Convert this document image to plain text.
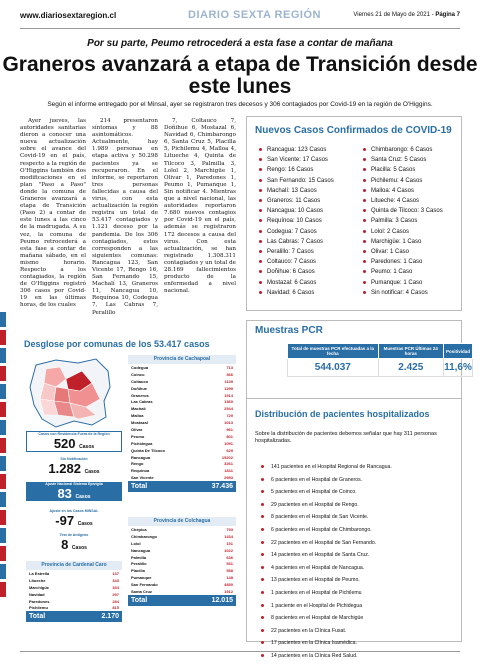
www.diariosextaregion.cl	DIARIO SEXTA REGIÓN	Viernes 21 de Mayo de 2021 - Página 7
Por su parte, Peumo retrocederá a esta fase a contar de mañana
Graneros avanzará a etapa de Transición desde este lunes
Según el informe entregado por el Minsal, ayer se registraron tres decesos y 306 contagiados por Covid-19 en la región de O'Higgins.

Ayer jueves, las autoridades sanitarias dieron a conocer una nueva actualización sobre el avance del Covid-19 en el país, respecto a la región de O'Higgins también dos modificaciones en el plan "Paso a Paso" donde la comuna de Graneros avanzará a etapa de Transición (Paso 2) a contar de este lunes a las cinco de la madrugada. A su vez, la comuna de Peumo retrocederá a esta fase a contar de mañana sábado, en el mismo horario. Respecto a los contagiados, la región de O'Higgins registró 306 casos por Covid-19 en las últimas horas, de los cuales

214 presentaron síntomas y 88 asintomáticos. Actualmente, hay 1.989 personas en etapa activa y 50.298 pacientes ya se recuperaron. En el informe, se reportaron tres personas fallecidas a causa del virus, con esta actualización la región registra un total de 53.417 contagiados y 1.121 deceso por la pandemia. De los 306 contagiados, estos corresponden a las siguientes comunas: Rancagua 123, San Vicente 17, Rengo 16, San Fernando 15, Machalí 13, Graneros 11, Nancagua 10, Requínoa 10, Codegua 7, Las Cabras 7, Peralillo

7, Coltauco 7, Doñihue 6, Mostazal 6, Navidad 6, Chimbarongo 6, Santa Cruz 5, Placilla 5, Pichilemu 4, Malloa 4, Litueche 4, Quinta de Tilcoco 3, Palmilla 3, Lolol 2, Marchigüe 1, Olivar 1, Paredones 1, Peumo 1, Pumanque 1, Sin notificar 4. Mientras que a nivel nacional, las autoridades reportaron 7.680 nuevos contagios por Covid-19 en el país, además se registraron 172 decesos a causa del virus. Con esta actualización, se han registrado 1.308.311 contagiados y un total de 28.169 fallecimientos producto de la enfermedad a nivel nacional.

Nuevos Casos Confirmados de COVID-19
Rancagua: 123 Casos
San Vicente: 17 Casos
Rengo: 16 Casos
San Fernando: 15 Casos
Machalí: 13 Casos
Graneros: 11 Casos
Nancagua: 10 Casos
Requínoa: 10 Casos
Codegua: 7 Casos
Las Cabras: 7 Casos
Peralillo: 7 Casos
Coltauco: 7 Casos
Doñihue: 6 Casos
Mostazal: 6 Casos
Navidad: 6 Casos
Chimbarongo: 6 Casos
Santa Cruz: 5 Casos
Placilla: 5 Casos
Pichilemu: 4 Casos
Malloa: 4 Casos
Litueche: 4 Casos
Quinta de Tilcoco: 3 Casos
Palmilla: 3 Casos
Lolol: 2 Casos
Marchigüe: 1 Caso
Olivar: 1 Caso
Paredones: 1 Caso
Peumo: 1 Caso
Pumanque: 1 Caso
Sin notificar: 4 Casos
Muestras PCR
Total de muestras PCR efectuadas a la fecha	Muestras PCR Últimas 24 horas	Positividad
544.037	2.425	11,6%
Distribución de pacientes hospitalizados
Sobre la distribución de pacientes debemos señalar que hay 311 personas hospitalizadas.
141 pacientes en el Hospital Regional de Rancagua.
6 pacientes en el Hospital de Graneros.
5 pacientes en el Hospital de Coinco.
29 pacientes en el Hospital de Rengo.
8 pacientes en el Hospital de San Vicente.
6 pacientes en el Hospital de Chimbarongo.
22 pacientes en el Hospital de San Fernando.
14 pacientes en el Hospital de Santa Cruz.
4 pacientes en el Hospital de Nancagua.
13 pacientes en el Hospital de Peumo.
1 pacientes en el Hospital de Pichilemu
1 paciente en el Hospital de Pichidegua
8 pacientes en el Hospital de Marchigüe
22 pacientes en la Clínica Fusat.
17 pacientes en la Clínica Isamédica.
14 pacientes en la Clínica Red Salud.
Desglose por comunas de los 53.417 casos
Casos con Residencia Fuera de la Región
520 Casos
Sin Notificación
1.282 Casos
Ajuste Nacional Sistema Epivigila
83 Casos
Ajuste en los Casos MINSAL
-97 Casos
Test de Antígeno
8 Casos
Provincia de Cardenal Caro
La Estrella	137
Litueche	343
Marchigüe	334
Navidad	297
Paredones	284
Pichilemu	815
Total	2.170
Provincia de Cachapoal
Codegua	713
Coinco	366
Coltauco	1139
Doñihue	1299
Graneros	1914
Las Cabras	1360
Machalí	2544
Malloa	729
Mostazal	1013
Olivar	961
Peumo	801
Pichidegua	1091
Quinta De Tilcoco	629
Rancagua	15202
Rengo	3261
Requinoa	1811
San Vicente	2953
Total	37.436
Provincia de Colchagua
Chépica	793
Chimbarongo	1434
Lolol	151
Nancagua	1022
Palmilla	636
Peralillo	531
Placilla	558
Pumanque	148
San Fernando	4850
Santa Cruz	1912
Total	12.015
